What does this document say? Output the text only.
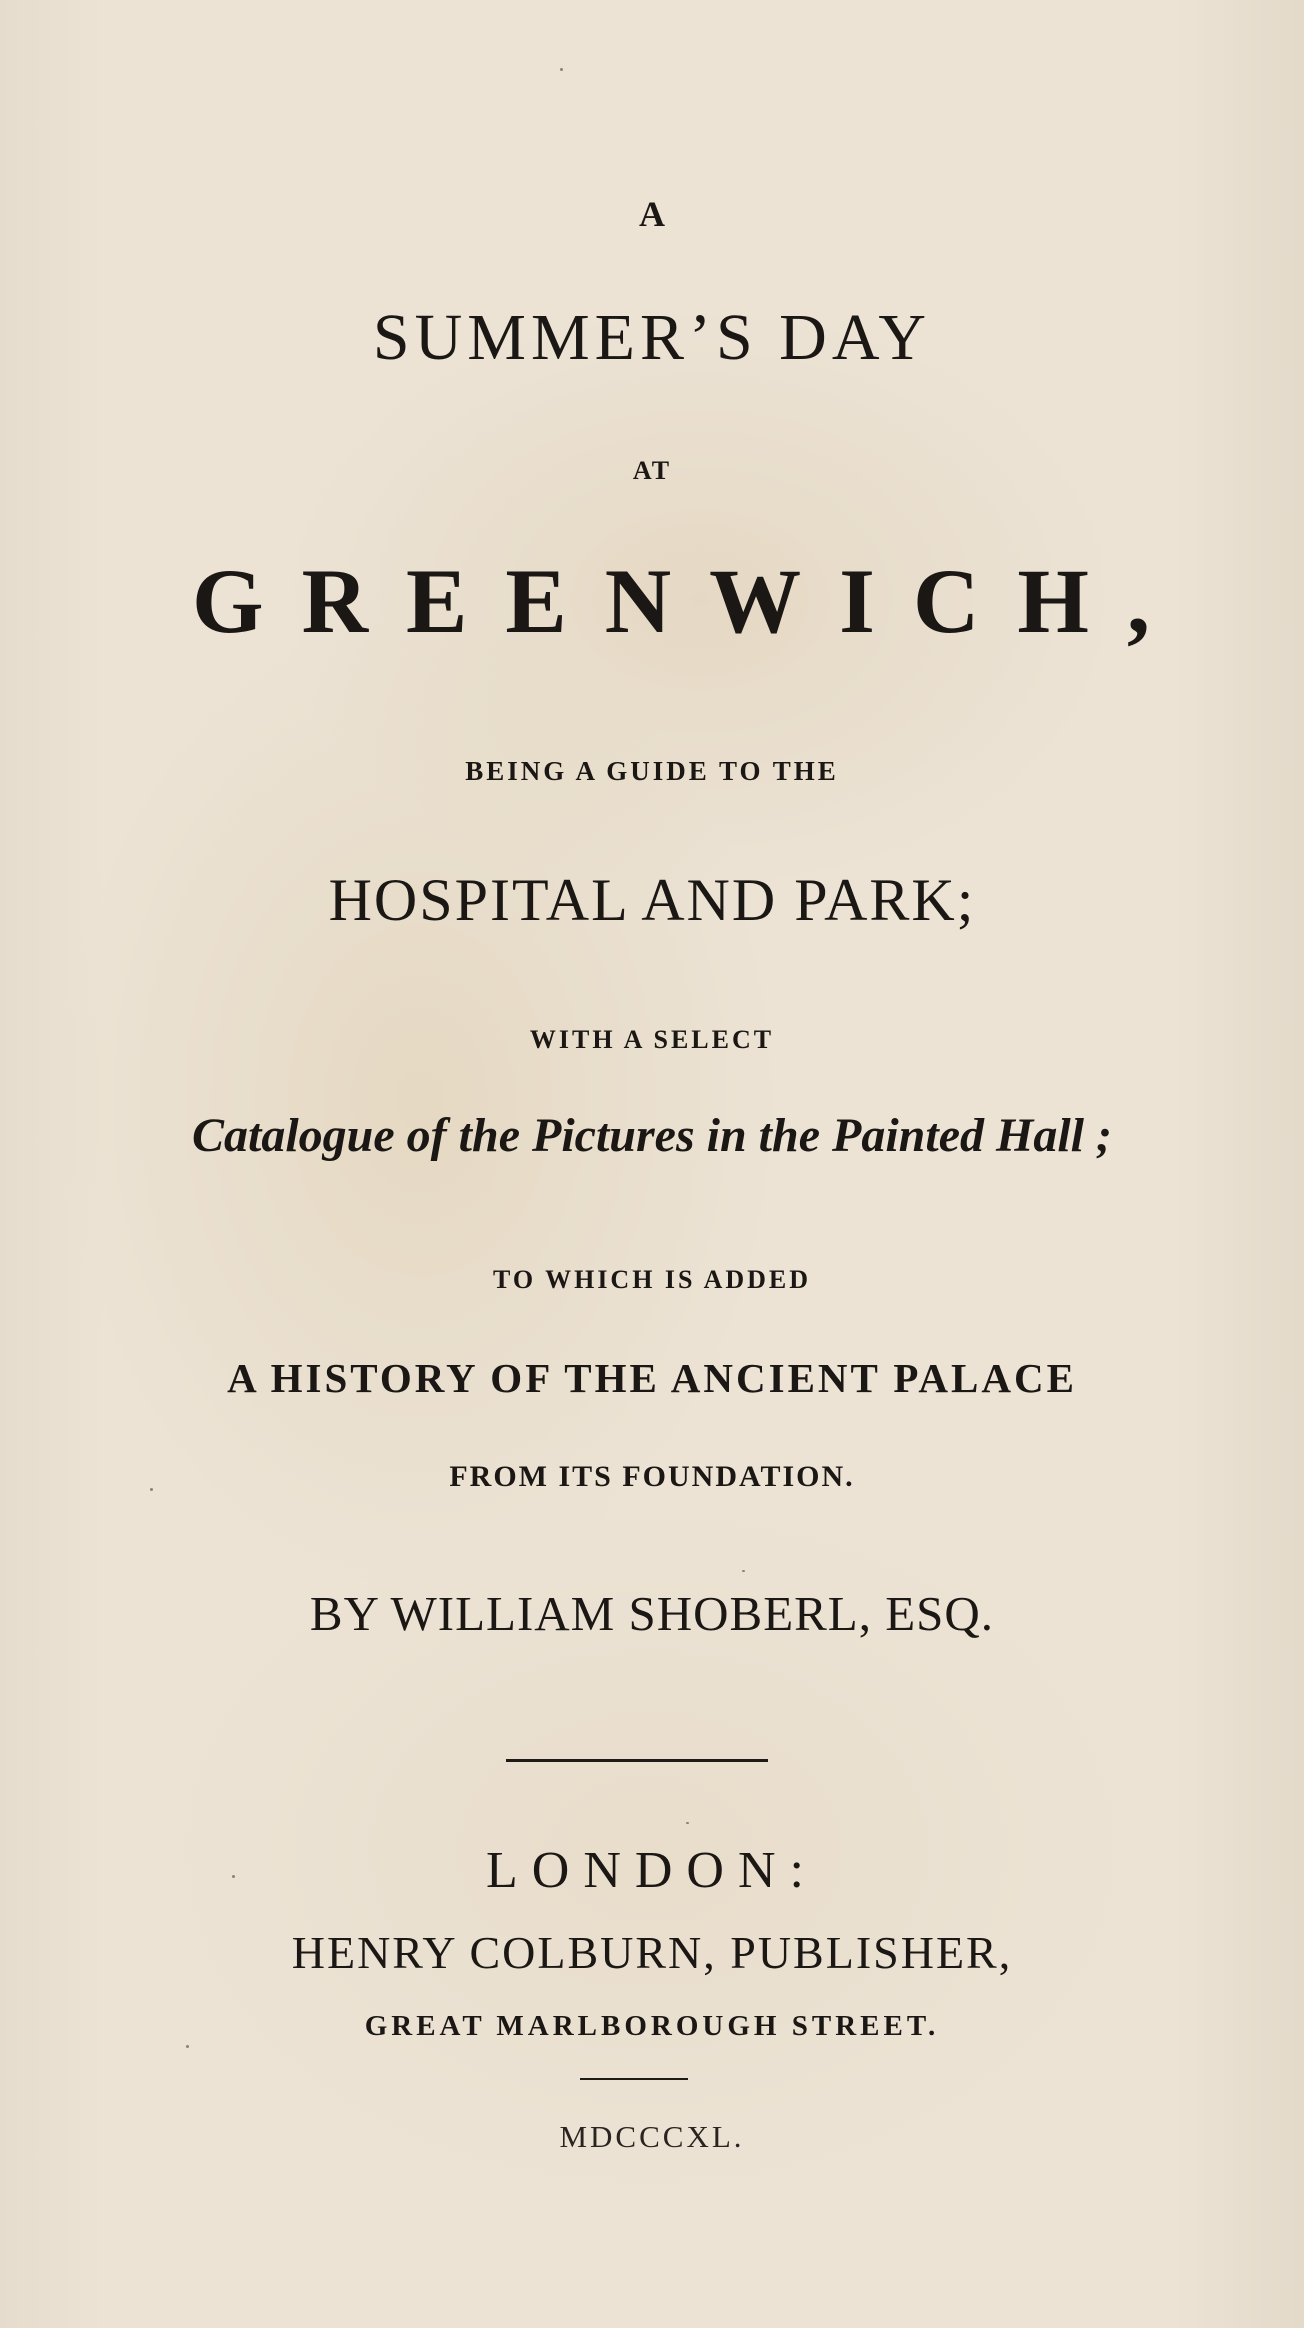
A
SUMMER’S DAY
AT
GREENWICH,
BEING A GUIDE TO THE
HOSPITAL AND PARK;
WITH A SELECT
Catalogue of the Pictures in the Painted Hall ;
TO WHICH IS ADDED
A HISTORY OF THE ANCIENT PALACE
FROM ITS FOUNDATION.
BY WILLIAM SHOBERL, ESQ.
LONDON:
HENRY COLBURN, PUBLISHER,
GREAT MARLBOROUGH STREET.
MDCCCXL.
